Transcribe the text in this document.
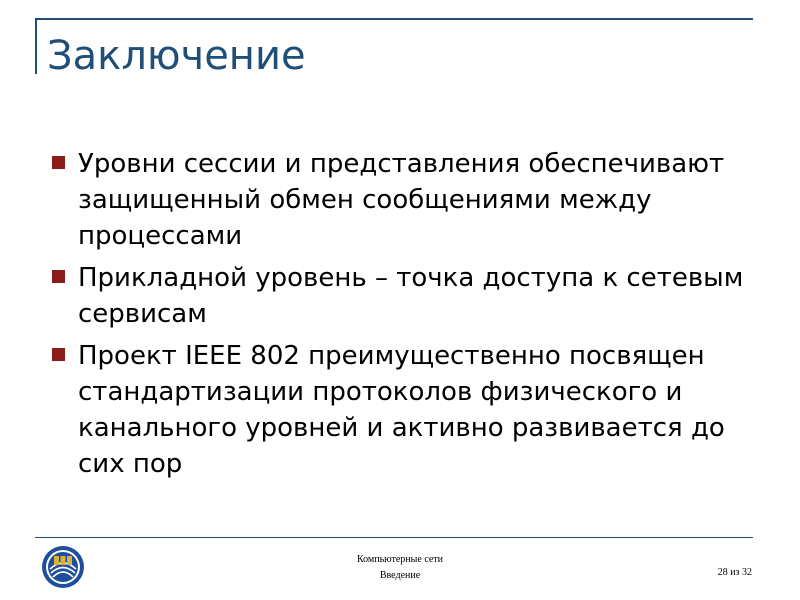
Заключение
Уровни сессии и представления обеспечивают защищенный обмен сообщениями между процессами
Прикладной уровень – точка доступа к сетевым сервисам
Проект IEEE 802 преимущественно посвящен стандартизации протоколов физического и канального уровней и активно развивается до сих пор
Компьютерные сети
Введение	28 из 32
